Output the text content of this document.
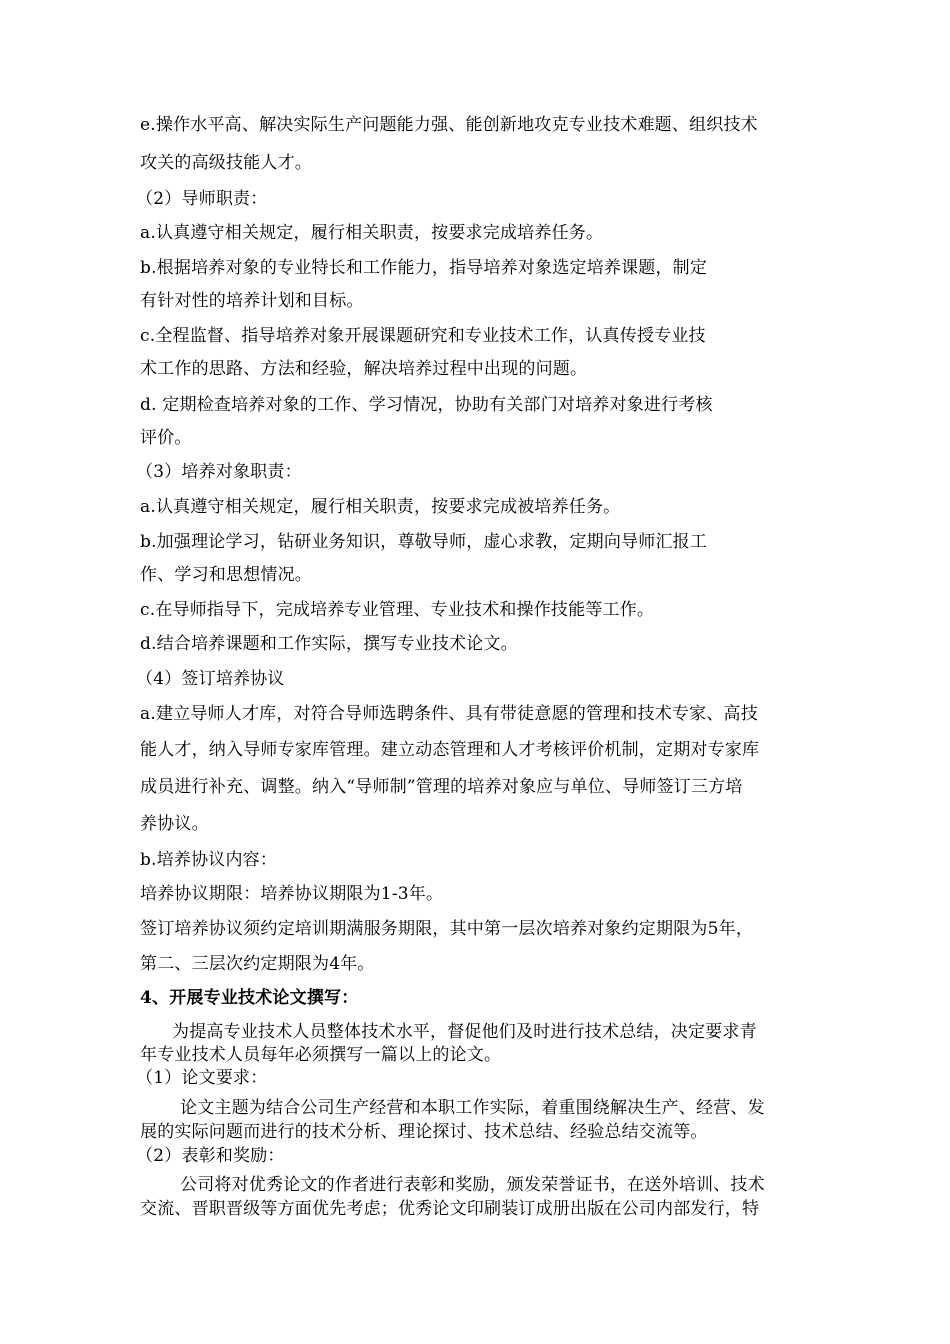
e.操作水平高、解决实际生产问题能力强、能创新地攻克专业技术难题、组织技术
攻关的高级技能人才。
（2）导师职责：
a.认真遵守相关规定，履行相关职责，按要求完成培养任务。
b.根据培养对象的专业特长和工作能力，指导培养对象选定培养课题，制定
有针对性的培养计划和目标。
c.全程监督、指导培养对象开展课题研究和专业技术工作，认真传授专业技
术工作的思路、方法和经验，解决培养过程中出现的问题。
d. 定期检查培养对象的工作、学习情况，协助有关部门对培养对象进行考核
评价。
（3）培养对象职责：
a.认真遵守相关规定，履行相关职责，按要求完成被培养任务。
b.加强理论学习，钻研业务知识，尊敬导师，虚心求教，定期向导师汇报工
作、学习和思想情况。
c.在导师指导下，完成培养专业管理、专业技术和操作技能等工作。
d.结合培养课题和工作实际，撰写专业技术论文。
（4）签订培养协议
a.建立导师人才库，对符合导师选聘条件、具有带徒意愿的管理和技术专家、高技
能人才，纳入导师专家库管理。建立动态管理和人才考核评价机制，定期对专家库
成员进行补充、调整。纳入“导师制”管理的培养对象应与单位、导师签订三方培
养协议。
b.培养协议内容：
培养协议期限：培养协议期限为1-3年。
签订培养协议须约定培训期满服务期限，其中第一层次培养对象约定期限为5年，
第二、三层次约定期限为4年。
4、开展专业技术论文撰写：
为提高专业技术人员整体技术水平，督促他们及时进行技术总结，决定要求青
年专业技术人员每年必须撰写一篇以上的论文。
（1）论文要求：
论文主题为结合公司生产经营和本职工作实际，着重围绕解决生产、经营、发
展的实际问题而进行的技术分析、理论探讨、技术总结、经验总结交流等。
（2）表彰和奖励：
公司将对优秀论文的作者进行表彰和奖励，颁发荣誉证书，在送外培训、技术
交流、晋职晋级等方面优先考虑；优秀论文印刷装订成册出版在公司内部发行，特
